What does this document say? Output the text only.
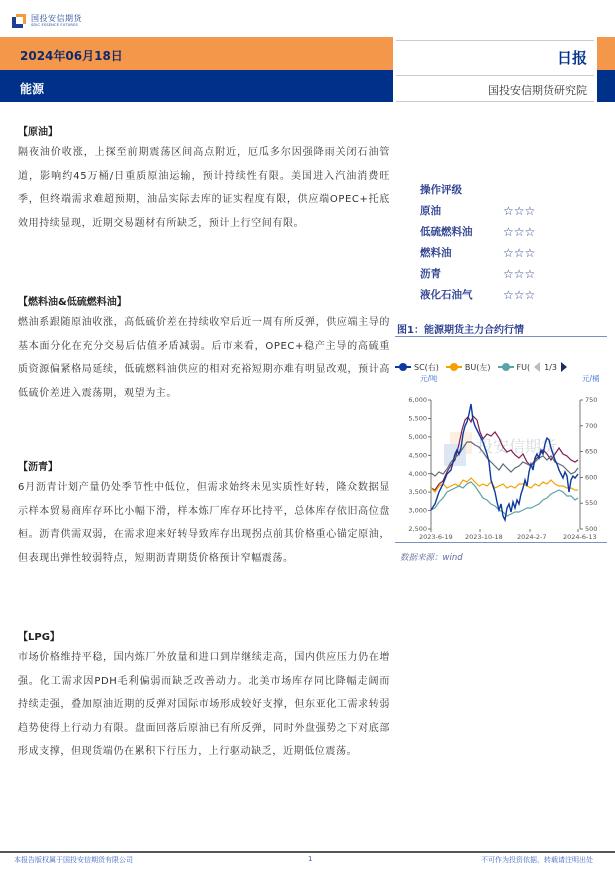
国投安信期货
SDIC ESSENCE FUTURES
2024年06月18日
能源
日报
国投安信期货研究院
【原油】
隔夜油价收涨，上探至前期震荡区间高点附近，厄瓜多尔因强降雨关闭石油管道，影响约45万桶/日重质原油运输，预计持续性有限。美国进入汽油消费旺季，但终端需求难超预期，油品实际去库的证实程度有限，供应端OPEC+托底效用持续显现，近期交易题材有所缺乏，预计上行空间有限。
【燃料油&低硫燃料油】
燃油系跟随原油收涨，高低硫价差在持续收窄后近一周有所反弹，供应端主导的基本面分化在充分交易后估值矛盾减弱。后市来看，OPEC+稳产主导的高硫重质资源偏紧格局延续，低硫燃料油供应的相对充裕短期亦难有明显改观，预计高低硫价差进入震荡期，观望为主。
【沥青】
6月沥青计划产量仍处季节性中低位，但需求始终未见实质性好转，隆众数据显示样本贸易商库存环比小幅下滑，样本炼厂库存环比持平，总体库存依旧高位盘桓。沥青供需双弱，在需求迎来好转导致库存出现拐点前其价格重心锚定原油，但表现出弹性较弱特点，短期沥青期货价格预计窄幅震荡。
【LPG】
市场价格维持平稳，国内炼厂外放量和进口到岸继续走高，国内供应压力仍在增强。化工需求因PDH毛利偏弱而缺乏改善动力。北美市场库存同比降幅走阔而持续走强，叠加原油近期的反弹对国际市场形成较好支撑，但东亚化工需求转弱趋势使得上行动力有限。盘面回落后原油已有所反弹，同时外盘强势之下对底部形成支撑，但现货端仍在累积下行压力，上行驱动缺乏，近期低位震荡。
操作评级
原油	☆☆☆
低硫燃料油	☆☆☆
燃料油	☆☆☆
沥青	☆☆☆
液化石油气	☆☆☆
图1：能源期货主力合约行情
SC(右)	BU(左)	FU( 1/3
元/吨	元/桶
6,000
5,500
5,000
4,500
4,000
3,500
3,000
2,500
750
700
650
600
550
500
2023-6-19 2023-10-18 2024-2-7	2024-6-13
投安信期货
数据来源：wind
本报告版权属于国投安信期货有限公司	1	不可作为投资依据，转载请注明出处
